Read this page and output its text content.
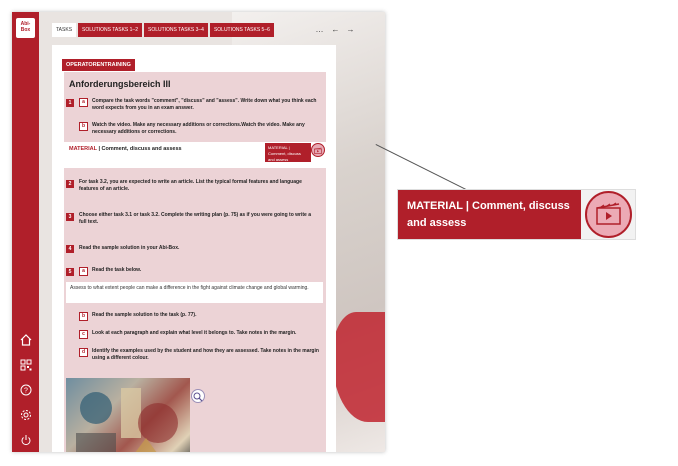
Abi-Box
?
TASKS	SOLUTIONS TASKS 1–2	SOLUTIONS TASKS 3–4	SOLUTIONS TASKS 5–6	… ← →
OPERATORENTRAINING
Anforderungsbereich III
1	a	Compare the task words "comment", "discuss" and "assess". Write down what you think each word expects from you in an exam answer.
b	Watch the video. Make any necessary additions or corrections.Watch the video. Make any necessary additions or corrections.
MATERIAL | Comment, discuss and assess	MATERIAL | Comment, discuss and assess
2	For task 3.2, you are expected to write an article. List the typical formal features and language features of an article.
3	Choose either task 3.1 or task 3.2. Complete the writing plan (p. 75) as if you were going to write a full text.
4	Read the sample solution in your Abi-Box.
5	a	Read the task below.
Assess to what extent people can make a difference in the fight against climate change and global warming.
b	Read the sample solution to the task (p. 77).
c	Look at each paragraph and explain what level it belongs to. Take notes in the margin.
d	Identify the examples used by the student and how they are assessed. Take notes in the margin using a different colour.
MATERIAL | Comment, discuss and assess
